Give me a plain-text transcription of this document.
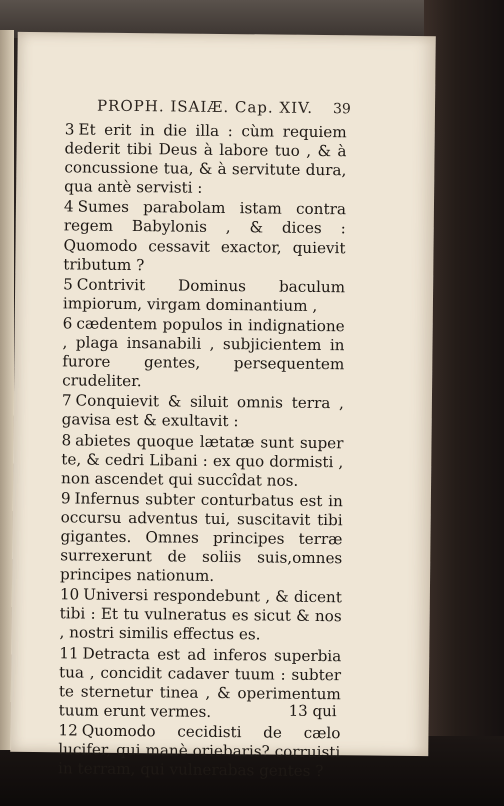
PROPH. ISAIÆ. Cap. XIV.	39

3 Et erit in die illa : cùm requiem dederit tibi Deus à labore tuo , & à concussione tua, & à servitute dura, qua antè servisti :

4 Sumes parabolam istam contra regem Babylonis , & dices : Quomodo cessavit exactor, quievit tributum ?

5 Contrivit Dominus baculum impiorum, virgam dominantium ,

6 cædentem populos in indignatione , plaga insanabili , subjicientem in furore gentes, persequentem crudeliter.

7 Conquievit & siluit omnis terra , gavisa est & exultavit :

8 abietes quoque lætatæ sunt super te, & cedri Libani : ex quo dormisti , non ascendet qui succîdat nos.

9 Infernus subter conturbatus est in occursu adventus tui, suscitavit tibi gigantes. Omnes principes terræ surrexerunt de soliis suis,omnes principes nationum.

10 Universi respondebunt , & dicent tibi : Et tu vulneratus es sicut & nos , nostri similis effectus es.

11 Detracta est ad inferos superbia tua , concidit cadaver tuum : subter te sternetur tinea , & operimentum tuum erunt vermes.

12 Quomodo cecidisti de cælo lucifer, qui manè oriebaris? corruisti in terram, qui vulnerabas gentes ?

13 qui
